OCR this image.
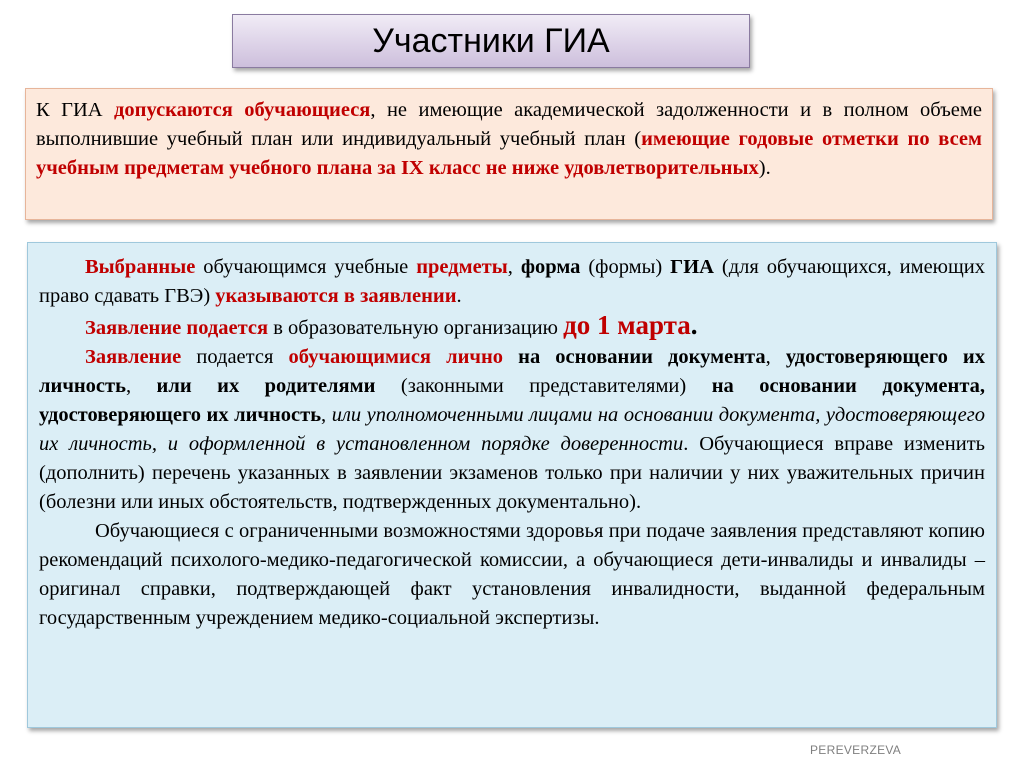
Участники ГИА

К ГИА допускаются обучающиеся, не имеющие академической задолженности и в полном объеме выполнившие учебный план или индивидуальный учебный план (имеющие годовые отметки по всем учебным предметам учебного плана за IX класс не ниже удовлетворительных).

Выбранные обучающимся учебные предметы, форма (формы) ГИА (для обучающихся, имеющих право сдавать ГВЭ) указываются в заявлении.

Заявление подается в образовательную организацию до 1 марта.

Заявление подается обучающимися лично на основании документа, удостоверяющего их личность, или их родителями (законными представителями) на основании документа, удостоверяющего их личность, или уполномоченными лицами на основании документа, удостоверяющего их личность, и оформленной в установленном порядке доверенности. Обучающиеся вправе изменить (дополнить) перечень указанных в заявлении экзаменов только при наличии у них уважительных причин (болезни или иных обстоятельств, подтвержденных документально).

Обучающиеся с ограниченными возможностями здоровья при подаче заявления представляют копию рекомендаций психолого-медико-педагогической комиссии, а обучающиеся дети-инвалиды и инвалиды – оригинал справки, подтверждающей факт установления инвалидности, выданной федеральным государственным учреждением медико-социальной экспертизы.

PEREVERZEVA
